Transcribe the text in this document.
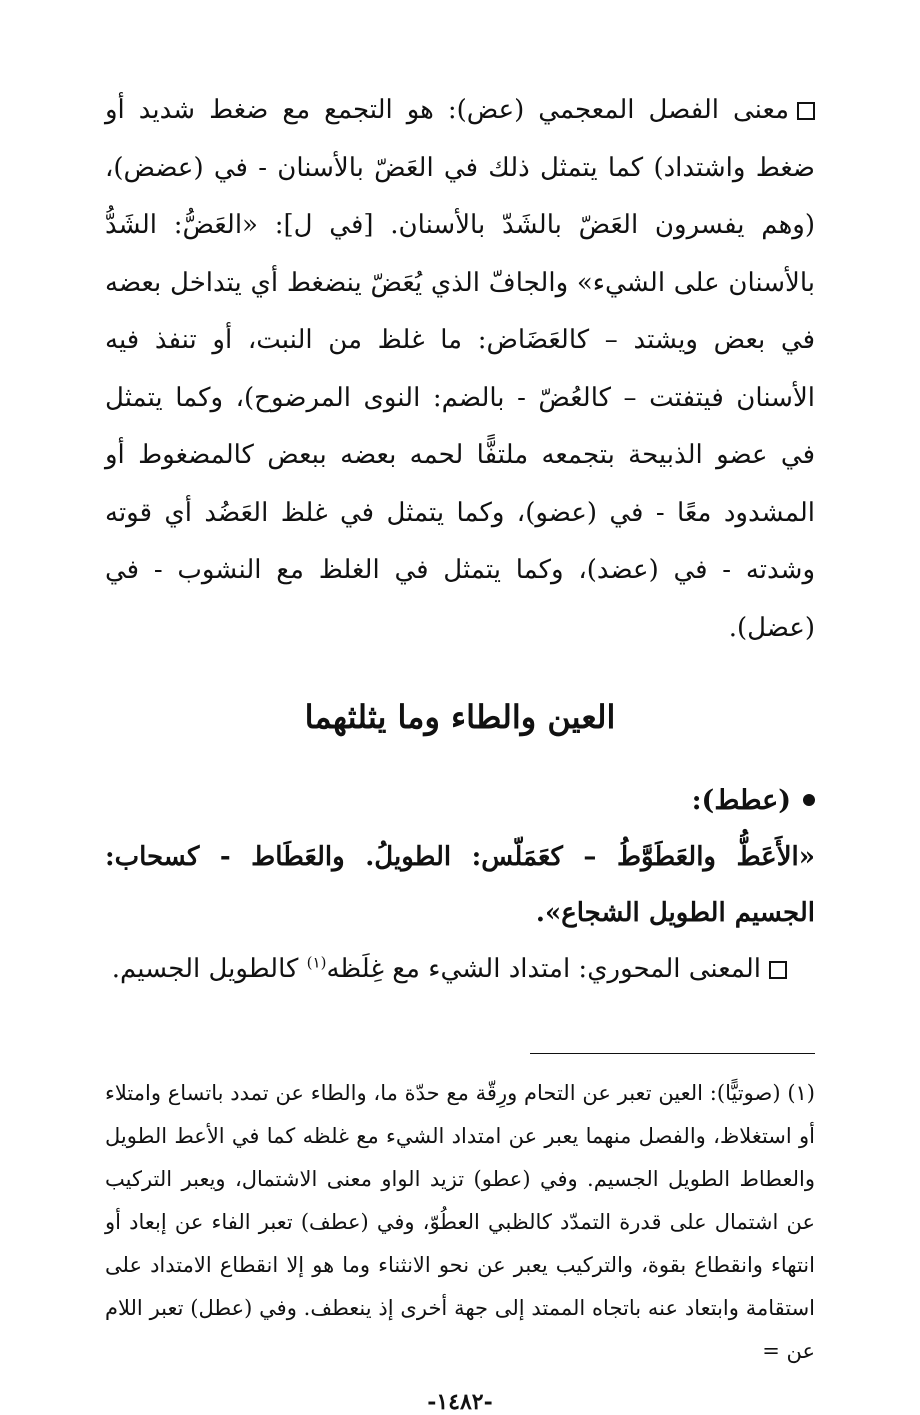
معنى الفصل المعجمي (عض): هو التجمع مع ضغط شديد أو ضغط واشتداد) كما يتمثل ذلك في العَضّ بالأسنان - في (عضض)، (وهم يفسرون العَضّ بالشَدّ بالأسنان. [في ل]: «العَضُّ: الشَدُّ بالأسنان على الشيء» والجافّ الذي يُعَضّ ينضغط أي يتداخل بعضه في بعض ويشتد – كالعَضَاض: ما غلظ من النبت، أو تنفذ فيه الأسنان فيتفتت – كالعُضّ - بالضم: النوى المرضوح)، وكما يتمثل في عضو الذبيحة بتجمعه ملتفًّا لحمه بعضه ببعض كالمضغوط أو المشدود معًا - في (عضو)، وكما يتمثل في غلظ العَضُد أي قوته وشدته - في (عضد)، وكما يتمثل في الغلظ مع النشوب - في (عضل).

العين والطاء وما يثلثهما

(عطط):

«الأَعَطُّ والعَطَوَّطُ – كعَمَلّس: الطويلُ. والعَطَاط - كسحاب: الجسيم الطويل الشجاع».

المعنى المحوري: امتداد الشيء مع غِلَظه$^{(١)}$ كالطويل الجسيم.

(١) (صوتيًّا): العين تعبر عن التحام ورِقّة مع حدّة ما، والطاء عن تمدد باتساع وامتلاء أو استغلاظ، والفصل منهما يعبر عن امتداد الشيء مع غلظه كما في الأعط الطويل والعطاط الطويل الجسيم. وفي (عطو) تزيد الواو معنى الاشتمال، ويعبر التركيب عن اشتمال على قدرة التمدّد كالظبي العطُوّ، وفي (عطف) تعبر الفاء عن إبعاد أو انتهاء وانقطاع بقوة، والتركيب يعبر عن نحو الانثناء وما هو إلا انقطاع الامتداد على استقامة وابتعاد عنه باتجاه الممتد إلى جهة أخرى إذ ينعطف. وفي (عطل) تعبر اللام عن =

-١٤٨٢-
